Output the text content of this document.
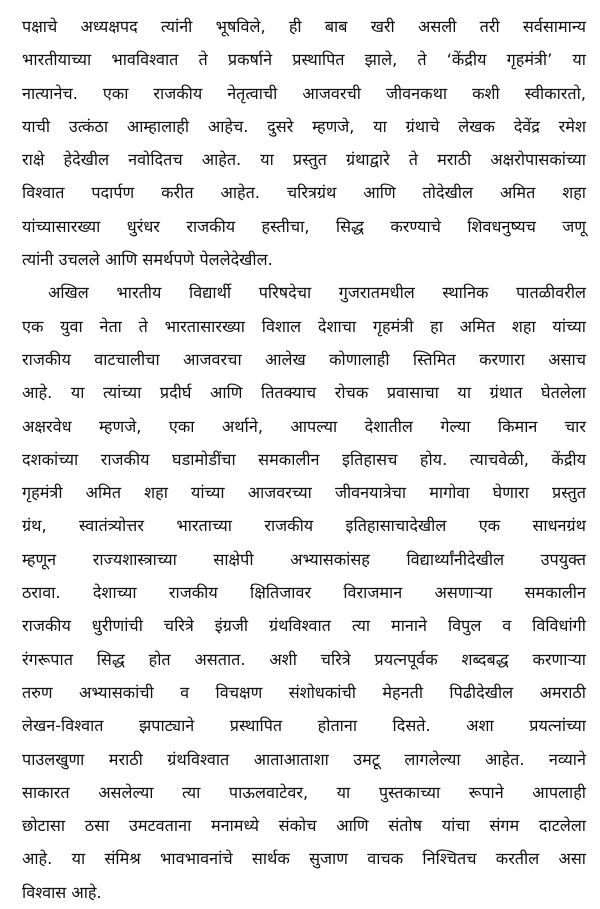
पक्षाचे अध्यक्षपद त्यांनी भूषविले, ही बाब खरी असली तरी सर्वसामान्य
भारतीयाच्या भावविश्वात ते प्रकर्षाने प्रस्थापित झाले, ते ‘केंद्रीय गृहमंत्री’ या
नात्यानेच. एका राजकीय नेतृत्वाची आजवरची जीवनकथा कशी स्वीकारतो,
याची उत्कंठा आम्हालाही आहेच. दुसरे म्हणजे, या ग्रंथाचे लेखक देवेंद्र रमेश
राक्षे हेदेखील नवोदितच आहेत. या प्रस्तुत ग्रंथाद्वारे ते मराठी अक्षरोपासकांच्या
विश्वात पदार्पण करीत आहेत. चरित्रग्रंथ आणि तोदेखील अमित शहा
यांच्यासारख्या धुरंधर राजकीय हस्तीचा, सिद्ध करण्याचे शिवधनुष्यच जणू
त्यांनी उचलले आणि समर्थपणे पेललेदेखील.
अखिल भारतीय विद्यार्थी परिषदेचा गुजरातमधील स्थानिक पातळीवरील
एक युवा नेता ते भारतासारख्या विशाल देशाचा गृहमंत्री हा अमित शहा यांच्या
राजकीय वाटचालीचा आजवरचा आलेख कोणालाही स्तिमित करणारा असाच
आहे. या त्यांच्या प्रदीर्घ आणि तितक्याच रोचक प्रवासाचा या ग्रंथात घेतलेला
अक्षरवेध म्हणजे, एका अर्थाने, आपल्या देशातील गेल्या किमान चार
दशकांच्या राजकीय घडामोडींचा समकालीन इतिहासच होय. त्याचवेळी, केंद्रीय
गृहमंत्री अमित शहा यांच्या आजवरच्या जीवनयात्रेचा मागोवा घेणारा प्रस्तुत
ग्रंथ, स्वातंत्र्योत्तर भारताच्या राजकीय इतिहासाचादेखील एक साधनग्रंथ
म्हणून राज्यशास्त्राच्या साक्षेपी अभ्यासकांसह विद्यार्थ्यांनीदेखील उपयुक्त
ठरावा. देशाच्या राजकीय क्षितिजावर विराजमान असणाऱ्या समकालीन
राजकीय धुरीणांची चरित्रे इंग्रजी ग्रंथविश्वात त्या मानाने विपुल व विविधांगी
रंगरूपात सिद्ध होत असतात. अशी चरित्रे प्रयत्नपूर्वक शब्दबद्ध करणाऱ्या
तरुण अभ्यासकांची व विचक्षण संशोधकांची मेहनती पिढीदेखील अमराठी
लेखन-विश्वात झपाट्याने प्रस्थापित होताना दिसते. अशा प्रयत्नांच्या
पाउलखुणा मराठी ग्रंथविश्वात आताआताशा उमटू लागलेल्या आहेत. नव्याने
साकारत असलेल्या त्या पाऊलवाटेवर, या पुस्तकाच्या रूपाने आपलाही
छोटासा ठसा उमटवताना मनामध्ये संकोच आणि संतोष यांचा संगम दाटलेला
आहे. या संमिश्र भावभावनांचे सार्थक सुजाण वाचक निश्चितच करतील असा
विश्वास आहे.
